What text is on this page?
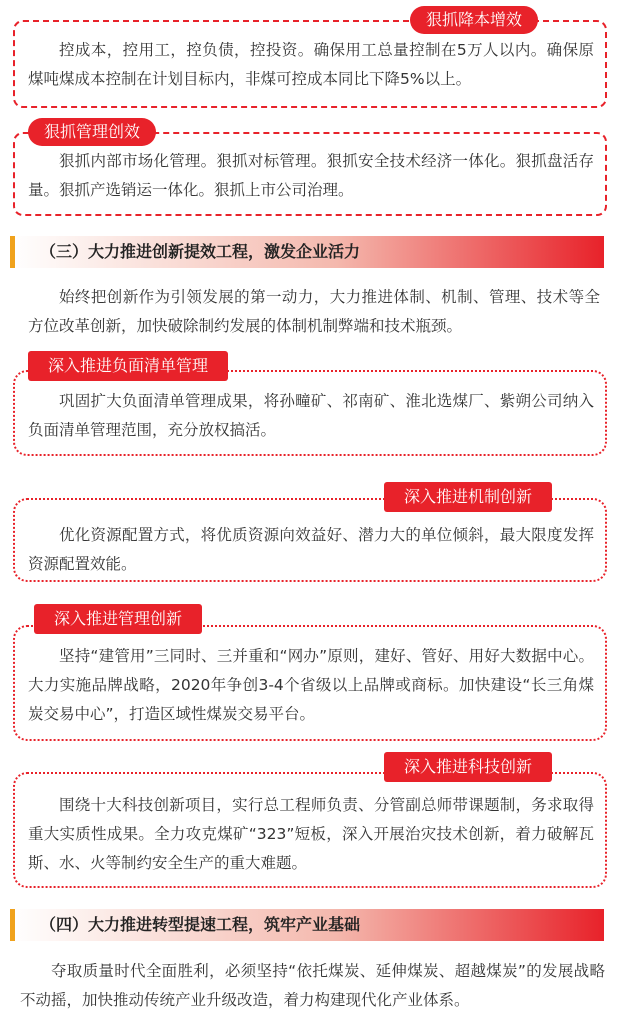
狠抓降本增效
控成本，控用工，控负债，控投资。确保用工总量控制在5万人以内。确保原煤吨煤成本控制在计划目标内，非煤可控成本同比下降5%以上。
狠抓管理创效
狠抓内部市场化管理。狠抓对标管理。狠抓安全技术经济一体化。狠抓盘活存量。狠抓产选销运一体化。狠抓上市公司治理。
（三）大力推进创新提效工程，激发企业活力
始终把创新作为引领发展的第一动力，大力推进体制、机制、管理、技术等全方位改革创新，加快破除制约发展的体制机制弊端和技术瓶颈。
深入推进负面清单管理
巩固扩大负面清单管理成果，将孙疃矿、祁南矿、淮北选煤厂、紫朔公司纳入负面清单管理范围，充分放权搞活。
深入推进机制创新
优化资源配置方式，将优质资源向效益好、潜力大的单位倾斜，最大限度发挥资源配置效能。
深入推进管理创新
坚持“建管用”三同时、三并重和“网办”原则，建好、管好、用好大数据中心。大力实施品牌战略，2020年争创3-4个省级以上品牌或商标。加快建设“长三角煤炭交易中心”，打造区域性煤炭交易平台。
深入推进科技创新
围绕十大科技创新项目，实行总工程师负责、分管副总师带课题制，务求取得重大实质性成果。全力攻克煤矿“323”短板，深入开展治灾技术创新，着力破解瓦斯、水、火等制约安全生产的重大难题。
（四）大力推进转型提速工程，筑牢产业基础
夺取质量时代全面胜利，必须坚持“依托煤炭、延伸煤炭、超越煤炭”的发展战略不动摇，加快推动传统产业升级改造，着力构建现代化产业体系。
